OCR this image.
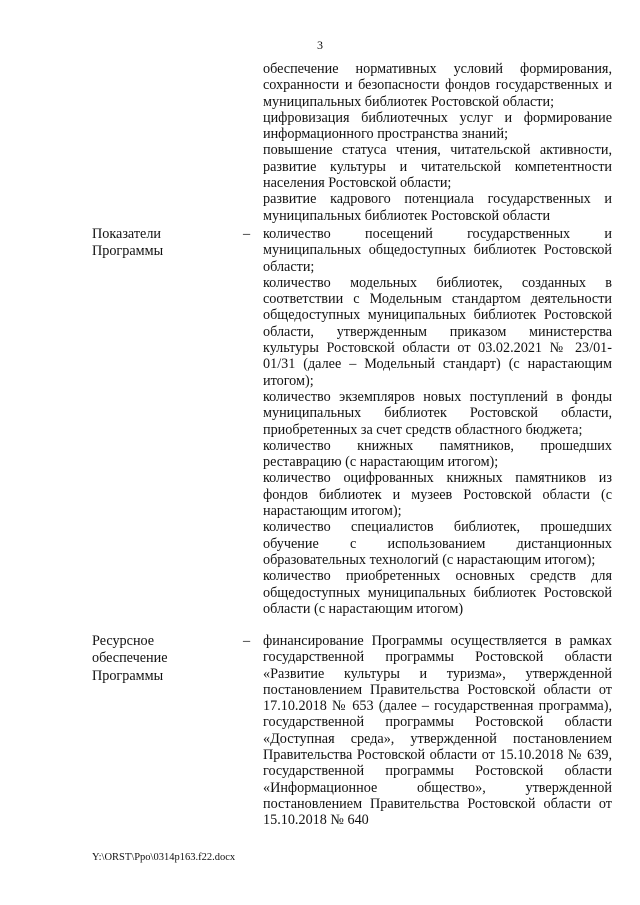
3

обеспечение нормативных условий формирования, сохранности и безопасности фондов государственных и муниципальных библиотек Ростовской области;

цифровизация библиотечных услуг и формирование информационного пространства знаний;

повышение статуса чтения, читательской активности, развитие культуры и читательской компетентности населения Ростовской области;

развитие кадрового потенциала государственных и муниципальных библиотек Ростовской области

Показатели
Программы
– количество посещений государственных и муниципальных общедоступных библиотек Ростовской области;

количество модельных библиотек, созданных в соответствии с Модельным стандартом деятельности общедоступных муниципальных библиотек Ростовской области, утвержденным приказом министерства культуры Ростовской области от 03.02.2021 № 23/01-01/31 (далее – Модельный стандарт) (с нарастающим итогом);

количество экземпляров новых поступлений в фонды муниципальных библиотек Ростовской области, приобретенных за счет средств областного бюджета;

количество книжных памятников, прошедших реставрацию (с нарастающим итогом);

количество оцифрованных книжных памятников из фондов библиотек и музеев Ростовской области (с нарастающим итогом);

количество специалистов библиотек, прошедших обучение с использованием дистанционных образовательных технологий (с нарастающим итогом);

количество приобретенных основных средств для общедоступных муниципальных библиотек Ростовской области (с нарастающим итогом)

Ресурсное
обеспечение
Программы
– финансирование Программы осуществляется в рамках государственной программы Ростовской области «Развитие культуры и туризма», утвержденной постановлением Правительства Ростовской области от 17.10.2018 № 653 (далее – государственная программа), государственной программы Ростовской области «Доступная среда», утвержденной постановлением Правительства Ростовской области от 15.10.2018 № 639, государственной программы Ростовской области «Информационное общество», утвержденной постановлением Правительства Ростовской области от 15.10.2018 № 640

Y:\ORST\Ppo\0314p163.f22.docx
